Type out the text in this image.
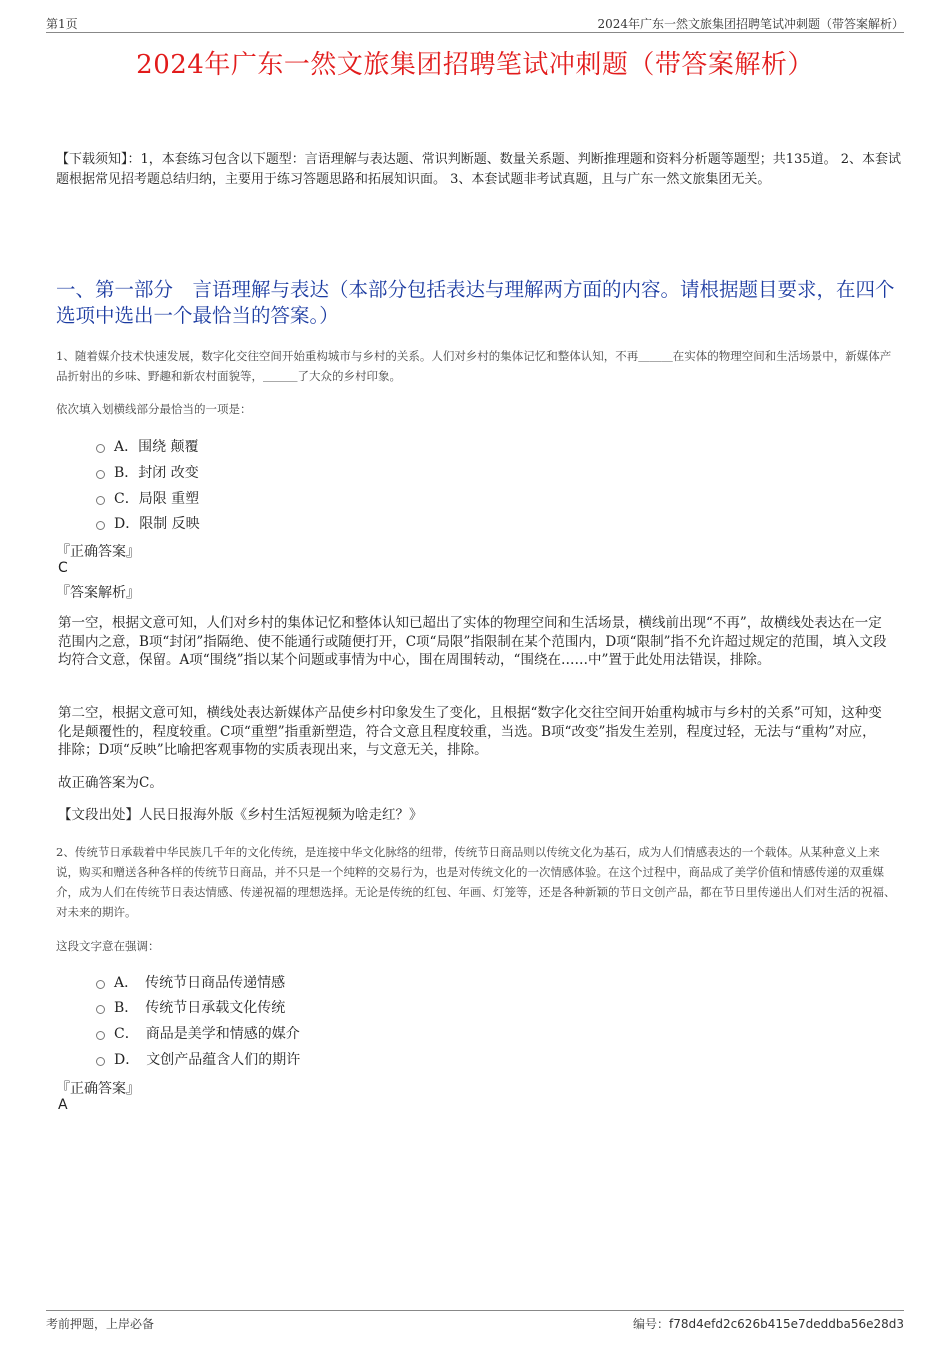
第1页	2024年广东一然文旅集团招聘笔试冲刺题（带答案解析）
2024年广东一然文旅集团招聘笔试冲刺题（带答案解析）
【下载须知】：1，本套练习包含以下题型：言语理解与表达题、常识判断题、数量关系题、判断推理题和资料分析题等题型；共135道。 2、本套试题根据常见招考题总结归纳，主要用于练习答题思路和拓展知识面。 3、本套试题非考试真题，且与广东一然文旅集团无关。
一、第一部分　言语理解与表达（本部分包括表达与理解两方面的内容。请根据题目要求，在四个选项中选出一个最恰当的答案。）
1、随着媒介技术快速发展，数字化交往空间开始重构城市与乡村的关系。人们对乡村的集体记忆和整体认知，不再＿＿＿在实体的物理空间和生活场景中，新媒体产品折射出的乡味、野趣和新农村面貌等，＿＿＿了大众的乡村印象。
依次填入划横线部分最恰当的一项是：
A．围绕 颠覆
B．封闭 改变
C．局限 重塑
D．限制 反映
『正确答案』
C
『答案解析』
第一空，根据文意可知，人们对乡村的集体记忆和整体认知已超出了实体的物理空间和生活场景，横线前出现“不再”，故横线处表达在一定范围内之意，B项“封闭”指隔绝、使不能通行或随便打开，C项“局限”指限制在某个范围内，D项“限制”指不允许超过规定的范围，填入文段均符合文意，保留。A项“围绕”指以某个问题或事情为中心，围在周围转动，“围绕在……中”置于此处用法错误，排除。
第二空，根据文意可知，横线处表达新媒体产品使乡村印象发生了变化，且根据“数字化交往空间开始重构城市与乡村的关系”可知，这种变化是颠覆性的，程度较重。C项“重塑”指重新塑造，符合文意且程度较重，当选。B项“改变”指发生差别，程度过轻，无法与“重构”对应，排除；D项“反映”比喻把客观事物的实质表现出来，与文意无关，排除。
故正确答案为C。
【文段出处】人民日报海外版《乡村生活短视频为啥走红？》
2、传统节日承载着中华民族几千年的文化传统，是连接中华文化脉络的纽带，传统节日商品则以传统文化为基石，成为人们情感表达的一个载体。从某种意义上来说，购买和赠送各种各样的传统节日商品，并不只是一个纯粹的交易行为，也是对传统文化的一次情感体验。在这个过程中，商品成了美学价值和情感传递的双重媒介，成为人们在传统节日表达情感、传递祝福的理想选择。无论是传统的红包、年画、灯笼等，还是各种新颖的节日文创产品，都在节日里传递出人们对生活的祝福、对未来的期许。
这段文字意在强调：
A．　传统节日商品传递情感
B．　传统节日承载文化传统
C．　商品是美学和情感的媒介
D．　文创产品蕴含人们的期许
『正确答案』
A
考前押题，上岸必备	编号：f78d4efd2c626b415e7deddba56e28d3
